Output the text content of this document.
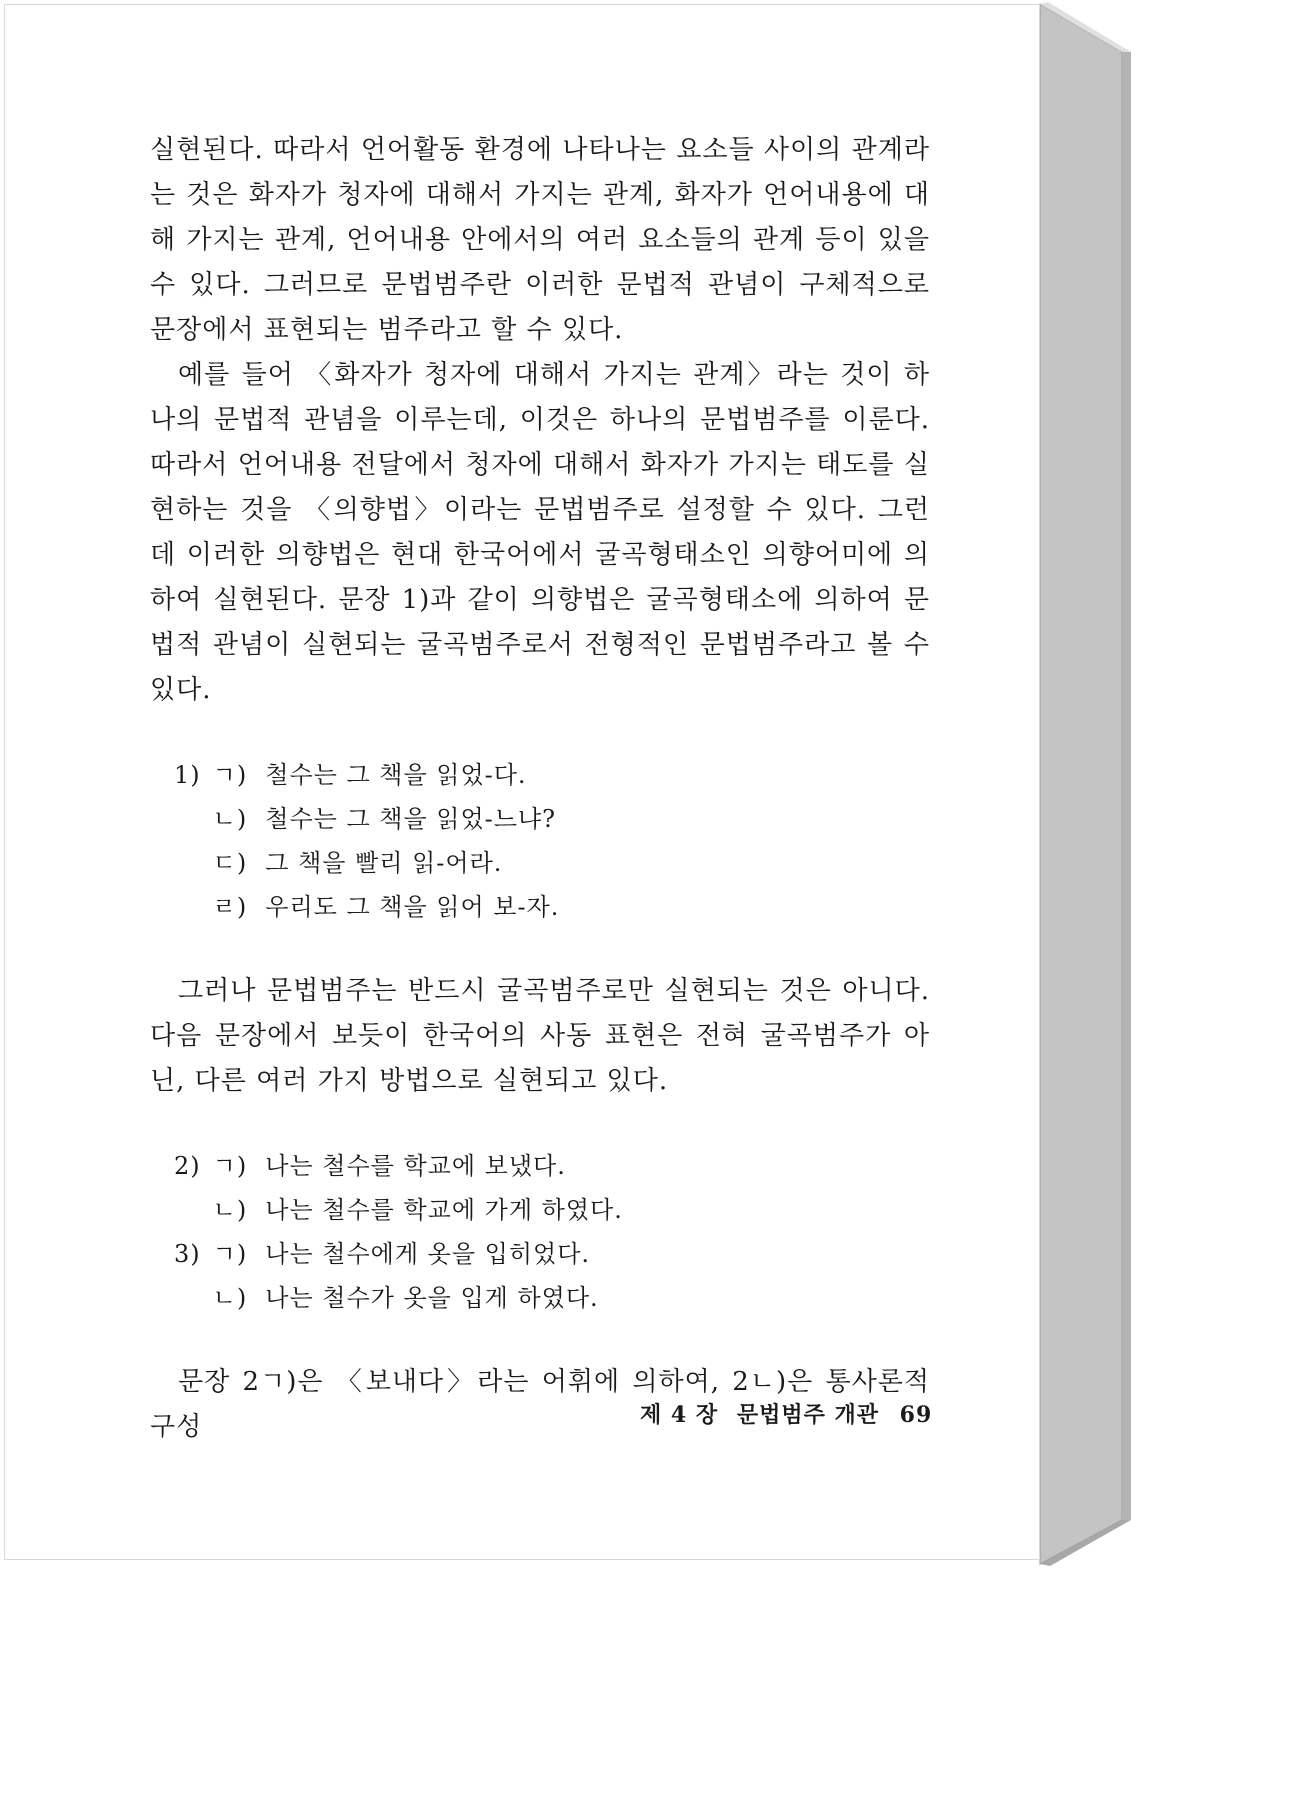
실현된다. 따라서 언어활동 환경에 나타나는 요소들 사이의 관계라는 것은 화자가 청자에 대해서 가지는 관계, 화자가 언어내용에 대해 가지는 관계, 언어내용 안에서의 여러 요소들의 관계 등이 있을 수 있다. 그러므로 문법범주란 이러한 문법적 관념이 구체적으로 문장에서 표현되는 범주라고 할 수 있다.

예를 들어 〈화자가 청자에 대해서 가지는 관계〉라는 것이 하나의 문법적 관념을 이루는데, 이것은 하나의 문법범주를 이룬다. 따라서 언어내용 전달에서 청자에 대해서 화자가 가지는 태도를 실현하는 것을 〈의향법〉이라는 문법범주로 설정할 수 있다. 그런데 이러한 의향법은 현대 한국어에서 굴곡형태소인 의향어미에 의하여 실현된다. 문장 1)과 같이 의향법은 굴곡형태소에 의하여 문법적 관념이 실현되는 굴곡범주로서 전형적인 문법범주라고 볼 수 있다.

1) ㄱ) 철수는 그 책을 읽었-다.

ㄴ) 철수는 그 책을 읽었-느냐?

ㄷ) 그 책을 빨리 읽-어라.

ㄹ) 우리도 그 책을 읽어 보-자.

그러나 문법범주는 반드시 굴곡범주로만 실현되는 것은 아니다. 다음 문장에서 보듯이 한국어의 사동 표현은 전혀 굴곡범주가 아닌, 다른 여러 가지 방법으로 실현되고 있다.

2) ㄱ) 나는 철수를 학교에 보냈다.

ㄴ) 나는 철수를 학교에 가게 하였다.

3) ㄱ) 나는 철수에게 옷을 입히었다.

ㄴ) 나는 철수가 옷을 입게 하였다.

문장 2ㄱ)은 〈보내다〉라는 어휘에 의하여, 2ㄴ)은 통사론적 구성	제 4 장 문법범주 개관 69
